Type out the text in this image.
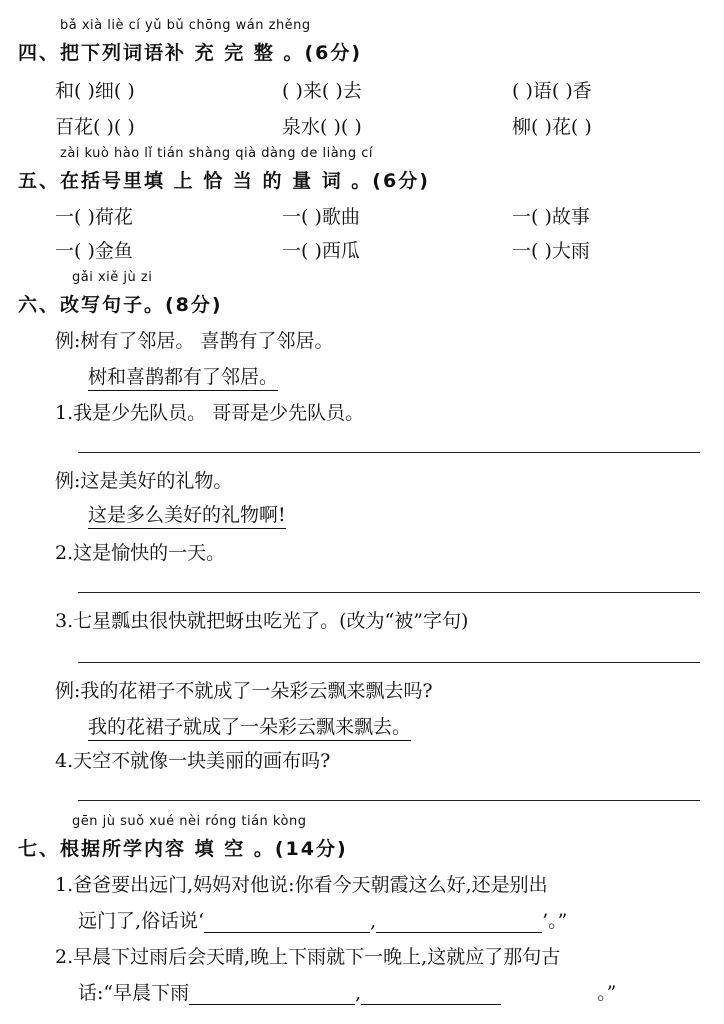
bǎ xià liè cí yǔ bǔ chōng wán zhěng
四、把下列词语补 充 完 整 。(6分)
和( )细( )	( )来( )去	( )语( )香
百花( )( )	泉水( )( )	柳( )花( )
zài kuò hào lǐ tián shàng qià dàng de liàng cí
五、在括号里填 上 恰 当 的 量 词 。(6分)
一( )荷花	一( )歌曲	一( )故事
一( )金鱼	一( )西瓜	一( )大雨
gǎi xiě jù zi
六、改写句子。(8分)
例:树有了邻居。 喜鹊有了邻居。
树和喜鹊都有了邻居。
1.我是少先队员。 哥哥是少先队员。
例:这是美好的礼物。
这是多么美好的礼物啊!
2.这是愉快的一天。
3.七星瓢虫很快就把蚜虫吃光了。(改为“被”字句)
例:我的花裙子不就成了一朵彩云飘来飘去吗?
我的花裙子就成了一朵彩云飘来飘去。
4.天空不就像一块美丽的画布吗?
gēn jù suǒ xué nèi róng tián kòng
七、根据所学内容 填 空 。(14分)
1.爸爸要出远门,妈妈对他说:你看今天朝霞这么好,还是别出
远门了,俗话说‘	,	’。”
2.早晨下过雨后会天晴,晚上下雨就下一晚上,这就应了那句古
话:“早晨下雨	,	。”
